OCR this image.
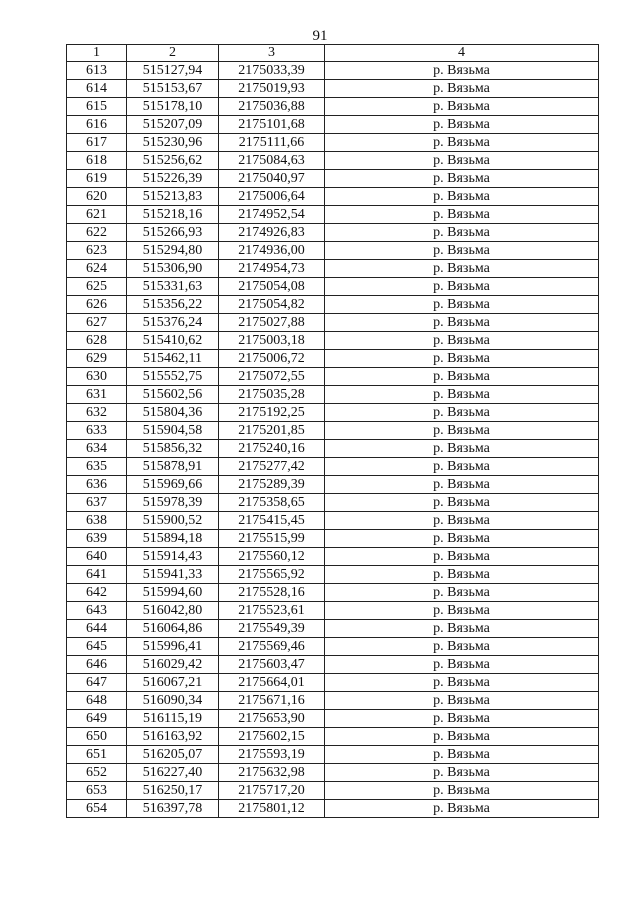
91
1	2	3	4
613	515127,94	2175033,39	р. Вязьма
614	515153,67	2175019,93	р. Вязьма
615	515178,10	2175036,88	р. Вязьма
616	515207,09	2175101,68	р. Вязьма
617	515230,96	2175111,66	р. Вязьма
618	515256,62	2175084,63	р. Вязьма
619	515226,39	2175040,97	р. Вязьма
620	515213,83	2175006,64	р. Вязьма
621	515218,16	2174952,54	р. Вязьма
622	515266,93	2174926,83	р. Вязьма
623	515294,80	2174936,00	р. Вязьма
624	515306,90	2174954,73	р. Вязьма
625	515331,63	2175054,08	р. Вязьма
626	515356,22	2175054,82	р. Вязьма
627	515376,24	2175027,88	р. Вязьма
628	515410,62	2175003,18	р. Вязьма
629	515462,11	2175006,72	р. Вязьма
630	515552,75	2175072,55	р. Вязьма
631	515602,56	2175035,28	р. Вязьма
632	515804,36	2175192,25	р. Вязьма
633	515904,58	2175201,85	р. Вязьма
634	515856,32	2175240,16	р. Вязьма
635	515878,91	2175277,42	р. Вязьма
636	515969,66	2175289,39	р. Вязьма
637	515978,39	2175358,65	р. Вязьма
638	515900,52	2175415,45	р. Вязьма
639	515894,18	2175515,99	р. Вязьма
640	515914,43	2175560,12	р. Вязьма
641	515941,33	2175565,92	р. Вязьма
642	515994,60	2175528,16	р. Вязьма
643	516042,80	2175523,61	р. Вязьма
644	516064,86	2175549,39	р. Вязьма
645	515996,41	2175569,46	р. Вязьма
646	516029,42	2175603,47	р. Вязьма
647	516067,21	2175664,01	р. Вязьма
648	516090,34	2175671,16	р. Вязьма
649	516115,19	2175653,90	р. Вязьма
650	516163,92	2175602,15	р. Вязьма
651	516205,07	2175593,19	р. Вязьма
652	516227,40	2175632,98	р. Вязьма
653	516250,17	2175717,20	р. Вязьма
654	516397,78	2175801,12	р. Вязьма
